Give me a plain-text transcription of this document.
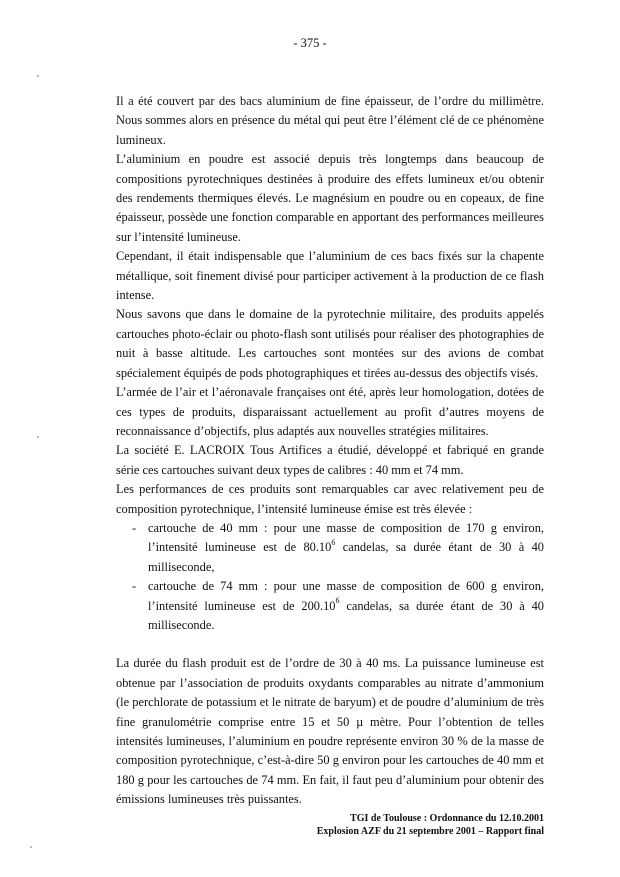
- 375 -

Il a été couvert par des bacs aluminium de fine épaisseur, de l’ordre du millimètre. Nous sommes alors en présence du métal qui peut être l’élément clé de ce phénomène lumineux.

L’aluminium en poudre est associé depuis très longtemps dans beaucoup de compositions pyrotechniques destinées à produire des effets lumineux et/ou obtenir des rendements thermiques élevés. Le magnésium en poudre ou en copeaux, de fine épaisseur, possède une fonction comparable en apportant des performances meilleures sur l’intensité lumineuse.

Cependant, il était indispensable que l’aluminium de ces bacs fixés sur la chapente métallique, soit finement divisé pour participer activement à la production de ce flash intense.

Nous savons que dans le domaine de la pyrotechnie militaire, des produits appelés cartouches photo-éclair ou photo-flash sont utilisés pour réaliser des photographies de nuit à basse altitude. Les cartouches sont montées sur des avions de combat spécialement équipés de pods photographiques et tirées au-dessus des objectifs visés.

L’armée de l’air et l’aéronavale françaises ont été, après leur homologation, dotées de ces types de produits, disparaissant actuellement au profit d’autres moyens de reconnaissance d’objectifs, plus adaptés aux nouvelles stratégies militaires.

La société E. LACROIX Tous Artifices a étudié, développé et fabriqué en grande série ces cartouches suivant deux types de calibres : 40 mm et 74 mm.

Les performances de ces produits sont remarquables car avec relativement peu de composition pyrotechnique, l’intensité lumineuse émise est très élevée :

- cartouche de 40 mm : pour une masse de composition de 170 g environ, l’intensité lumineuse est de 80.10$^6$ candelas, sa durée étant de 30 à 40 milliseconde,
- cartouche de 74 mm : pour une masse de composition de 600 g environ, l’intensité lumineuse est de 200.10$^6$ candelas, sa durée étant de 30 à 40 milliseconde.

La durée du flash produit est de l’ordre de 30 à 40 ms. La puissance lumineuse est obtenue par l’association de produits oxydants comparables au nitrate d’ammonium (le perchlorate de potassium et le nitrate de baryum) et de poudre d’aluminium de très fine granulométrie comprise entre 15 et 50 µ mètre. Pour l’obtention de telles intensités lumineuses, l’aluminium en poudre représente environ 30 % de la masse de composition pyrotechnique, c’est-à-dire 50 g environ pour les cartouches de 40 mm et 180 g pour les cartouches de 74 mm. En fait, il faut peu d’aluminium pour obtenir des émissions lumineuses très puissantes.

TGI de Toulouse : Ordonnance du 12.10.2001
Explosion AZF du 21 septembre 2001 – Rapport final
